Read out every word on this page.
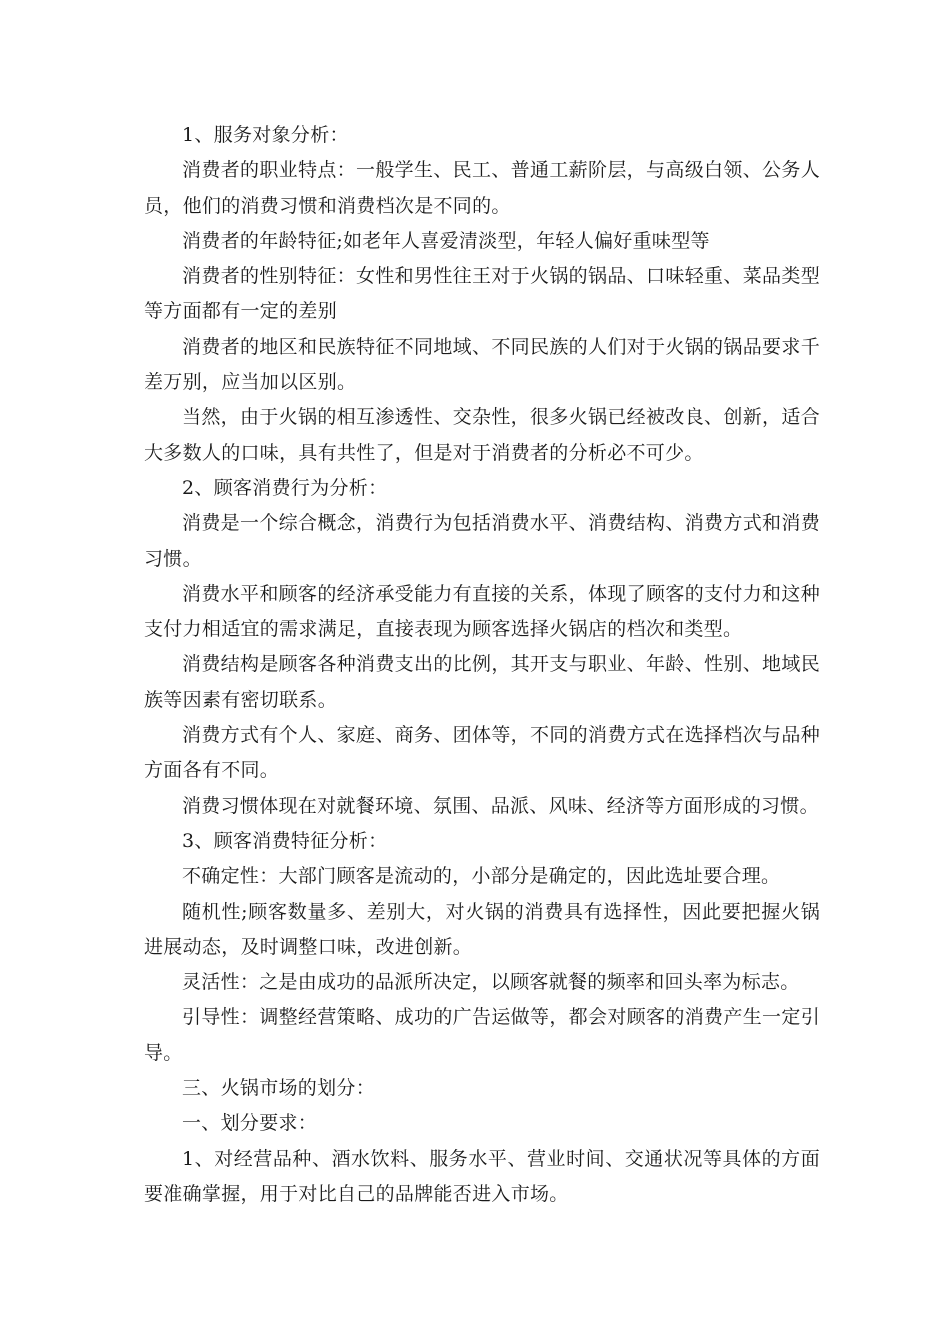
1、服务对象分析：

消费者的职业特点：一般学生、民工、普通工薪阶层，与高级白领、公务人员，他们的消费习惯和消费档次是不同的。

消费者的年龄特征;如老年人喜爱清淡型，年轻人偏好重味型等

消费者的性别特征：女性和男性往王对于火锅的锅品、口味轻重、菜品类型等方面都有一定的差别

消费者的地区和民族特征不同地域、不同民族的人们对于火锅的锅品要求千差万别，应当加以区别。

当然，由于火锅的相互渗透性、交杂性，很多火锅已经被改良、创新，适合大多数人的口味，具有共性了，但是对于消费者的分析必不可少。

2、顾客消费行为分析：

消费是一个综合概念，消费行为包括消费水平、消费结构、消费方式和消费习惯。

消费水平和顾客的经济承受能力有直接的关系，体现了顾客的支付力和这种支付力相适宜的需求满足，直接表现为顾客选择火锅店的档次和类型。

消费结构是顾客各种消费支出的比例，其开支与职业、年龄、性别、地域民族等因素有密切联系。

消费方式有个人、家庭、商务、团体等，不同的消费方式在选择档次与品种方面各有不同。

消费习惯体现在对就餐环境、氛围、品派、风味、经济等方面形成的习惯。

3、顾客消费特征分析：

不确定性：大部门顾客是流动的，小部分是确定的，因此选址要合理。

随机性;顾客数量多、差别大，对火锅的消费具有选择性，因此要把握火锅进展动态，及时调整口味，改进创新。

灵活性：之是由成功的品派所决定，以顾客就餐的频率和回头率为标志。

引导性：调整经营策略、成功的广告运做等，都会对顾客的消费产生一定引导。

三、火锅市场的划分：

一、划分要求：

1、对经营品种、酒水饮料、服务水平、营业时间、交通状况等具体的方面要准确掌握，用于对比自己的品牌能否进入市场。
